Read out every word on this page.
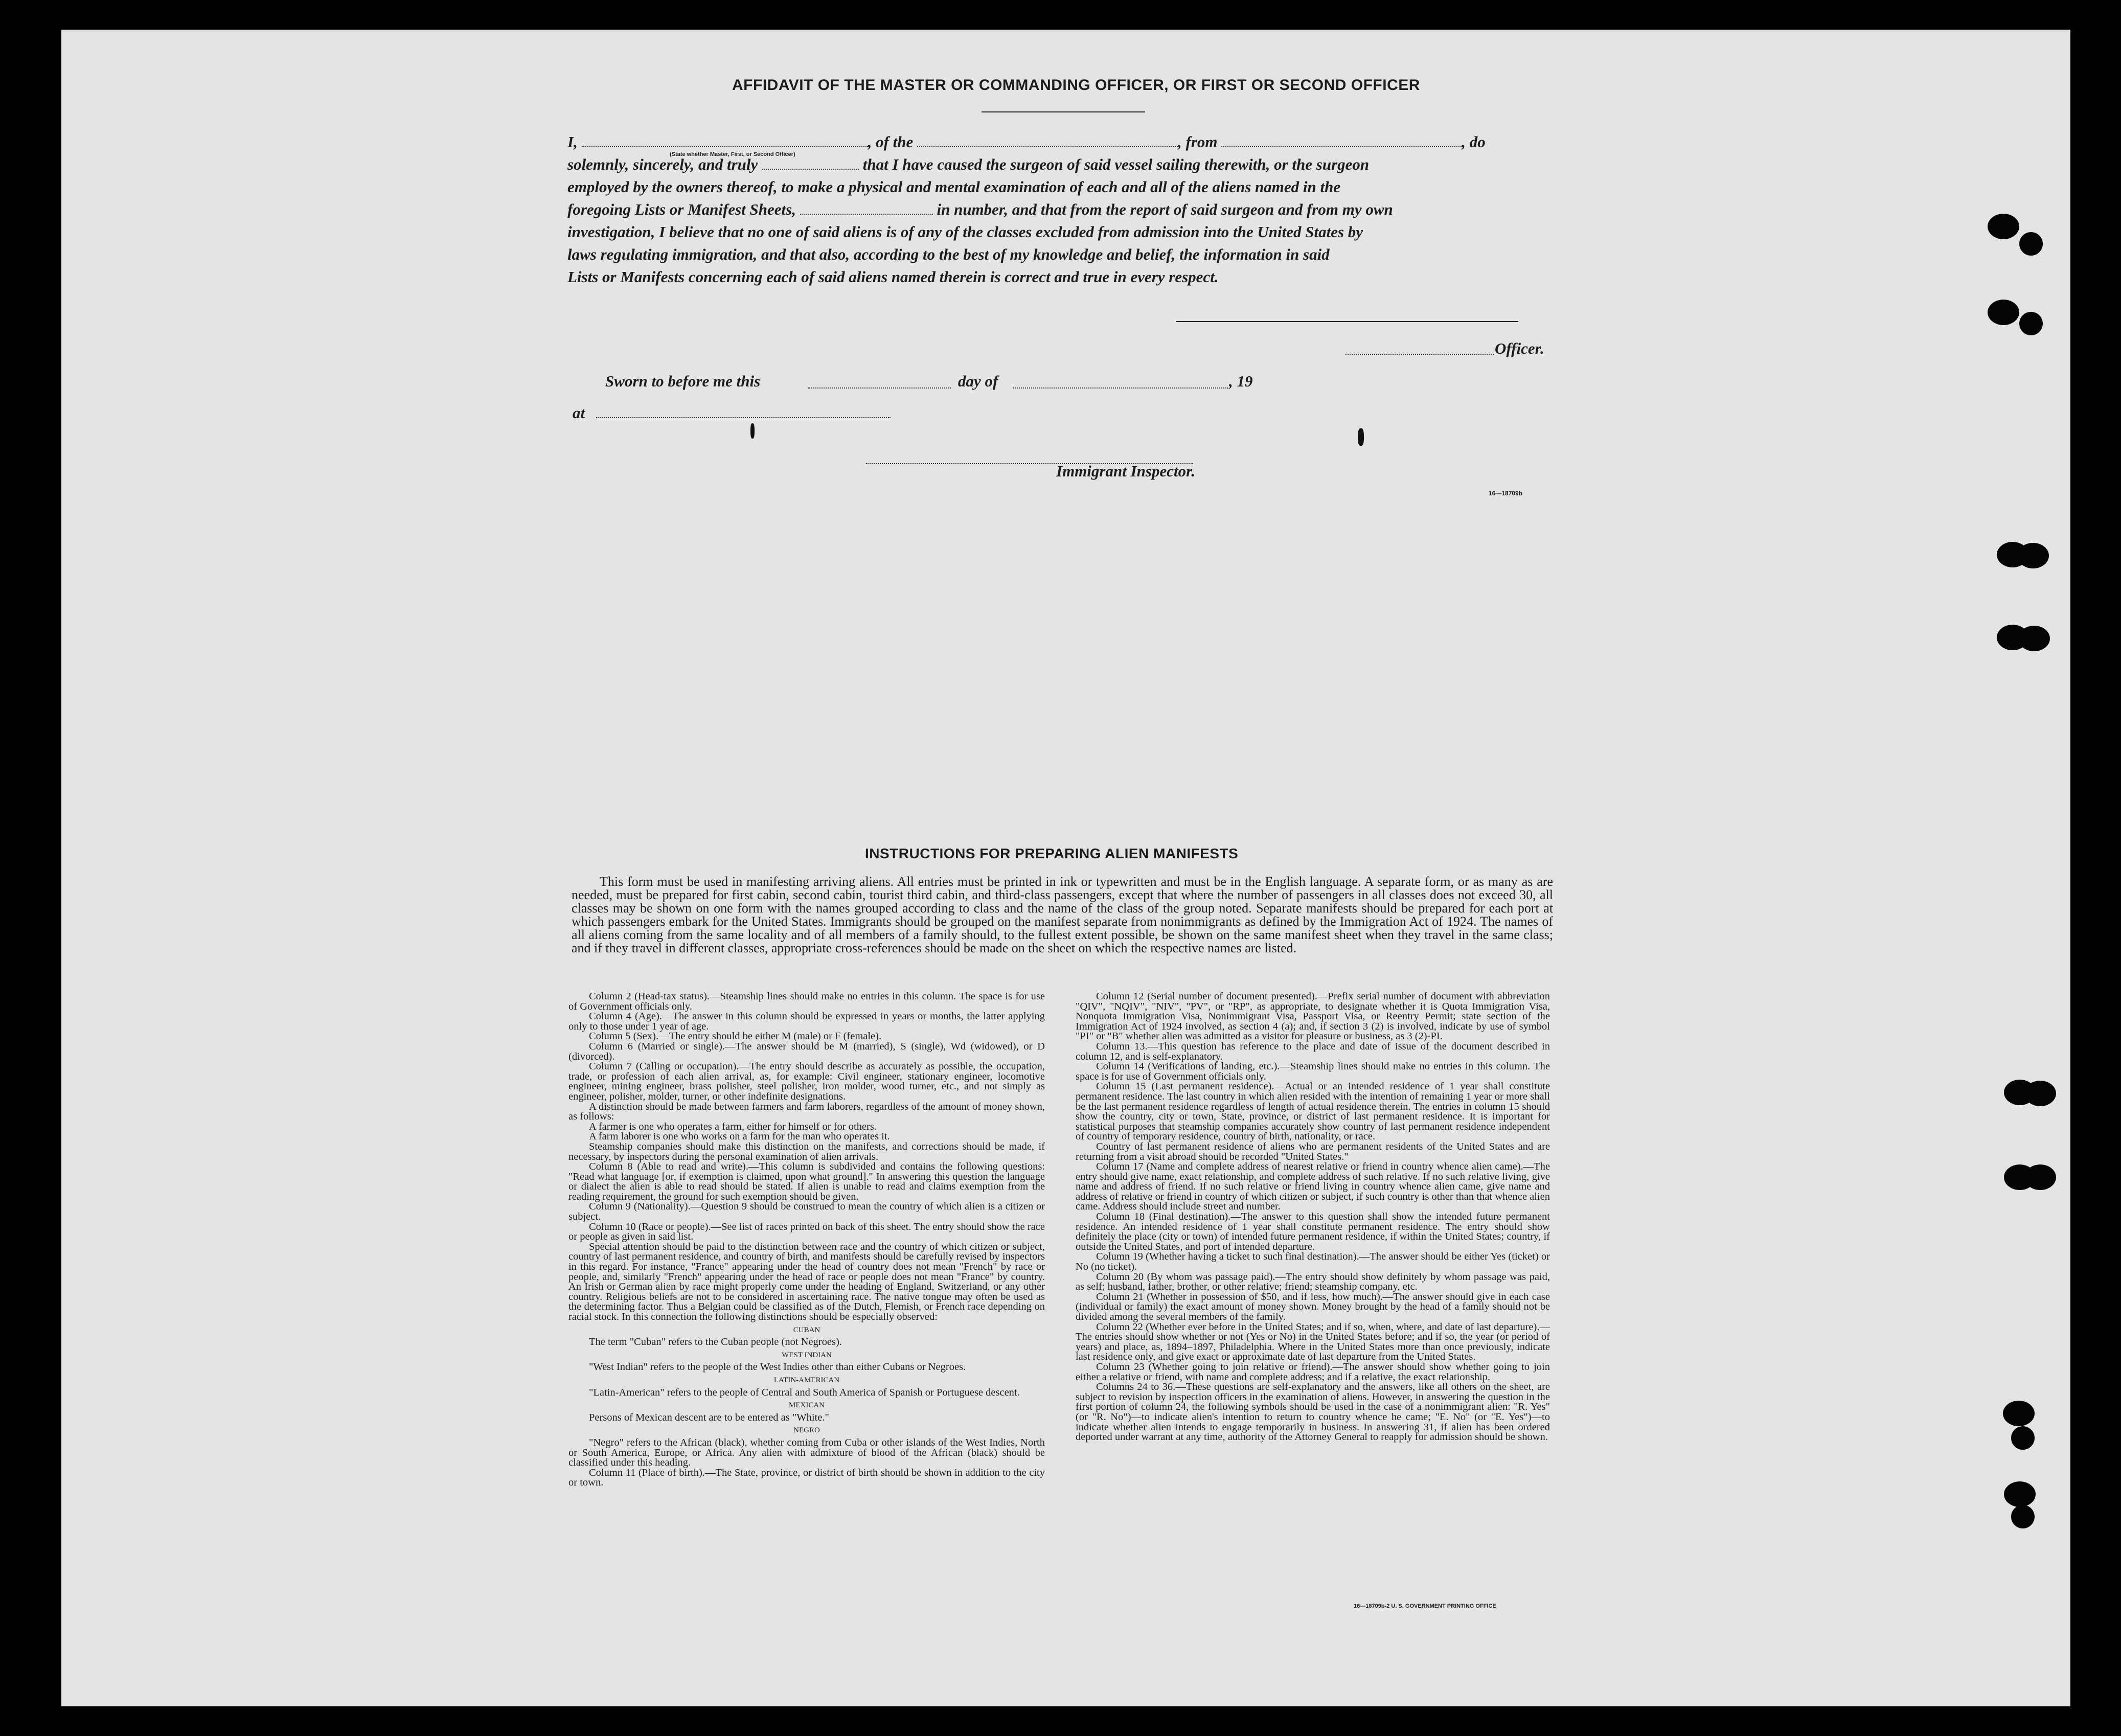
AFFIDAVIT OF THE MASTER OR COMMANDING OFFICER, OR FIRST OR SECOND OFFICER
I,	, of the	, from	, do
(State whether Master, First, or Second Officer)
solemnly, sincerely, and truly	that I have caused the surgeon of said vessel sailing therewith, or the surgeon
employed by the owners thereof, to make a physical and mental examination of each and all of the aliens named in the
foregoing Lists or Manifest Sheets,	in number, and that from the report of said surgeon and from my own
investigation, I believe that no one of said aliens is of any of the classes excluded from admission into the United States by
laws regulating immigration, and that also, according to the best of my knowledge and belief, the information in said
Lists or Manifests concerning each of said aliens named therein is correct and true in every respect.
Officer.
Sworn to before me this	day of	, 19
at
Immigrant Inspector.
16—18709b
INSTRUCTIONS FOR PREPARING ALIEN MANIFESTS
This form must be used in manifesting arriving aliens. All entries must be printed in ink or typewritten and must be in the English language. A separate form, or as many as are needed, must be prepared for first cabin, second cabin, tourist third cabin, and third-class passengers, except that where the number of passengers in all classes does not exceed 30, all classes may be shown on one form with the names grouped according to class and the name of the class of the group noted. Separate manifests should be prepared for each port at which passengers embark for the United States. Immigrants should be grouped on the manifest separate from nonimmigrants as defined by the Immigration Act of 1924. The names of all aliens coming from the same locality and of all members of a family should, to the fullest extent possible, be shown on the same manifest sheet when they travel in the same class; and if they travel in different classes, appropriate cross-references should be made on the sheet on which the respective names are listed.

Column 2 (Head-tax status).—Steamship lines should make no entries in this column. The space is for use of Government officials only.

Column 4 (Age).—The answer in this column should be expressed in years or months, the latter applying only to those under 1 year of age.

Column 5 (Sex).—The entry should be either M (male) or F (female).

Column 6 (Married or single).—The answer should be M (married), S (single), Wd (widowed), or D (divorced).

Column 7 (Calling or occupation).—The entry should describe as accurately as possible, the occupation, trade, or profession of each alien arrival, as, for example: Civil engineer, stationary engineer, locomotive engineer, mining engineer, brass polisher, steel polisher, iron molder, wood turner, etc., and not simply as engineer, polisher, molder, turner, or other indefinite designations.

A distinction should be made between farmers and farm laborers, regardless of the amount of money shown, as follows:

A farmer is one who operates a farm, either for himself or for others.

A farm laborer is one who works on a farm for the man who operates it.

Steamship companies should make this distinction on the manifests, and corrections should be made, if necessary, by inspectors during the personal examination of alien arrivals.

Column 8 (Able to read and write).—This column is subdivided and contains the following questions: "Read what language [or, if exemption is claimed, upon what ground]." In answering this question the language or dialect the alien is able to read should be stated. If alien is unable to read and claims exemption from the reading requirement, the ground for such exemption should be given.

Column 9 (Nationality).—Question 9 should be construed to mean the country of which alien is a citizen or subject.

Column 10 (Race or people).—See list of races printed on back of this sheet. The entry should show the race or people as given in said list.

Special attention should be paid to the distinction between race and the country of which citizen or subject, country of last permanent residence, and country of birth, and manifests should be carefully revised by inspectors in this regard. For instance, "France" appearing under the head of country does not mean "French" by race or people, and, similarly "French" appearing under the head of race or people does not mean "France" by country. An Irish or German alien by race might properly come under the heading of England, Switzerland, or any other country. Religious beliefs are not to be considered in ascertaining race. The native tongue may often be used as the determining factor. Thus a Belgian could be classified as of the Dutch, Flemish, or French race depending on racial stock. In this connection the following distinctions should be especially observed:

CUBAN

The term "Cuban" refers to the Cuban people (not Negroes).

WEST INDIAN

"West Indian" refers to the people of the West Indies other than either Cubans or Negroes.

LATIN-AMERICAN

"Latin-American" refers to the people of Central and South America of Spanish or Portuguese descent.

MEXICAN

Persons of Mexican descent are to be entered as "White."

NEGRO

"Negro" refers to the African (black), whether coming from Cuba or other islands of the West Indies, North or South America, Europe, or Africa. Any alien with admixture of blood of the African (black) should be classified under this heading.

Column 11 (Place of birth).—The State, province, or district of birth should be shown in addition to the city or town.

Column 12 (Serial number of document presented).—Prefix serial number of document with abbreviation "QIV", "NQIV", "NIV", "PV", or "RP", as appropriate, to designate whether it is Quota Immigration Visa, Nonquota Immigration Visa, Nonimmigrant Visa, Passport Visa, or Reentry Permit; state section of the Immigration Act of 1924 involved, as section 4 (a); and, if section 3 (2) is involved, indicate by use of symbol "PI" or "B" whether alien was admitted as a visitor for pleasure or business, as 3 (2)-PI.

Column 13.—This question has reference to the place and date of issue of the document described in column 12, and is self-explanatory.

Column 14 (Verifications of landing, etc.).—Steamship lines should make no entries in this column. The space is for use of Government officials only.

Column 15 (Last permanent residence).—Actual or an intended residence of 1 year shall constitute permanent residence. The last country in which alien resided with the intention of remaining 1 year or more shall be the last permanent residence regardless of length of actual residence therein. The entries in column 15 should show the country, city or town, State, province, or district of last permanent residence. It is important for statistical purposes that steamship companies accurately show country of last permanent residence independent of country of temporary residence, country of birth, nationality, or race.

Country of last permanent residence of aliens who are permanent residents of the United States and are returning from a visit abroad should be recorded "United States."

Column 17 (Name and complete address of nearest relative or friend in country whence alien came).—The entry should give name, exact relationship, and complete address of such relative. If no such relative living, give name and address of friend. If no such relative or friend living in country whence alien came, give name and address of relative or friend in country of which citizen or subject, if such country is other than that whence alien came. Address should include street and number.

Column 18 (Final destination).—The answer to this question shall show the intended future permanent residence. An intended residence of 1 year shall constitute permanent residence. The entry should show definitely the place (city or town) of intended future permanent residence, if within the United States; country, if outside the United States, and port of intended departure.

Column 19 (Whether having a ticket to such final destination).—The answer should be either Yes (ticket) or No (no ticket).

Column 20 (By whom was passage paid).—The entry should show definitely by whom passage was paid, as self; husband, father, brother, or other relative; friend; steamship company, etc.

Column 21 (Whether in possession of $50, and if less, how much).—The answer should give in each case (individual or family) the exact amount of money shown. Money brought by the head of a family should not be divided among the several members of the family.

Column 22 (Whether ever before in the United States; and if so, when, where, and date of last departure).—The entries should show whether or not (Yes or No) in the United States before; and if so, the year (or period of years) and place, as, 1894–1897, Philadelphia. Where in the United States more than once previously, indicate last residence only, and give exact or approximate date of last departure from the United States.

Column 23 (Whether going to join relative or friend).—The answer should show whether going to join either a relative or friend, with name and complete address; and if a relative, the exact relationship.

Columns 24 to 36.—These questions are self-explanatory and the answers, like all others on the sheet, are subject to revision by inspection officers in the examination of aliens. However, in answering the question in the first portion of column 24, the following symbols should be used in the case of a nonimmigrant alien: "R. Yes" (or "R. No")—to indicate alien's intention to return to country whence he came; "E. No" (or "E. Yes")—to indicate whether alien intends to engage temporarily in business. In answering 31, if alien has been ordered deported under warrant at any time, authority of the Attorney General to reapply for admission should be shown.

16—18709b-2 U. S. GOVERNMENT PRINTING OFFICE
